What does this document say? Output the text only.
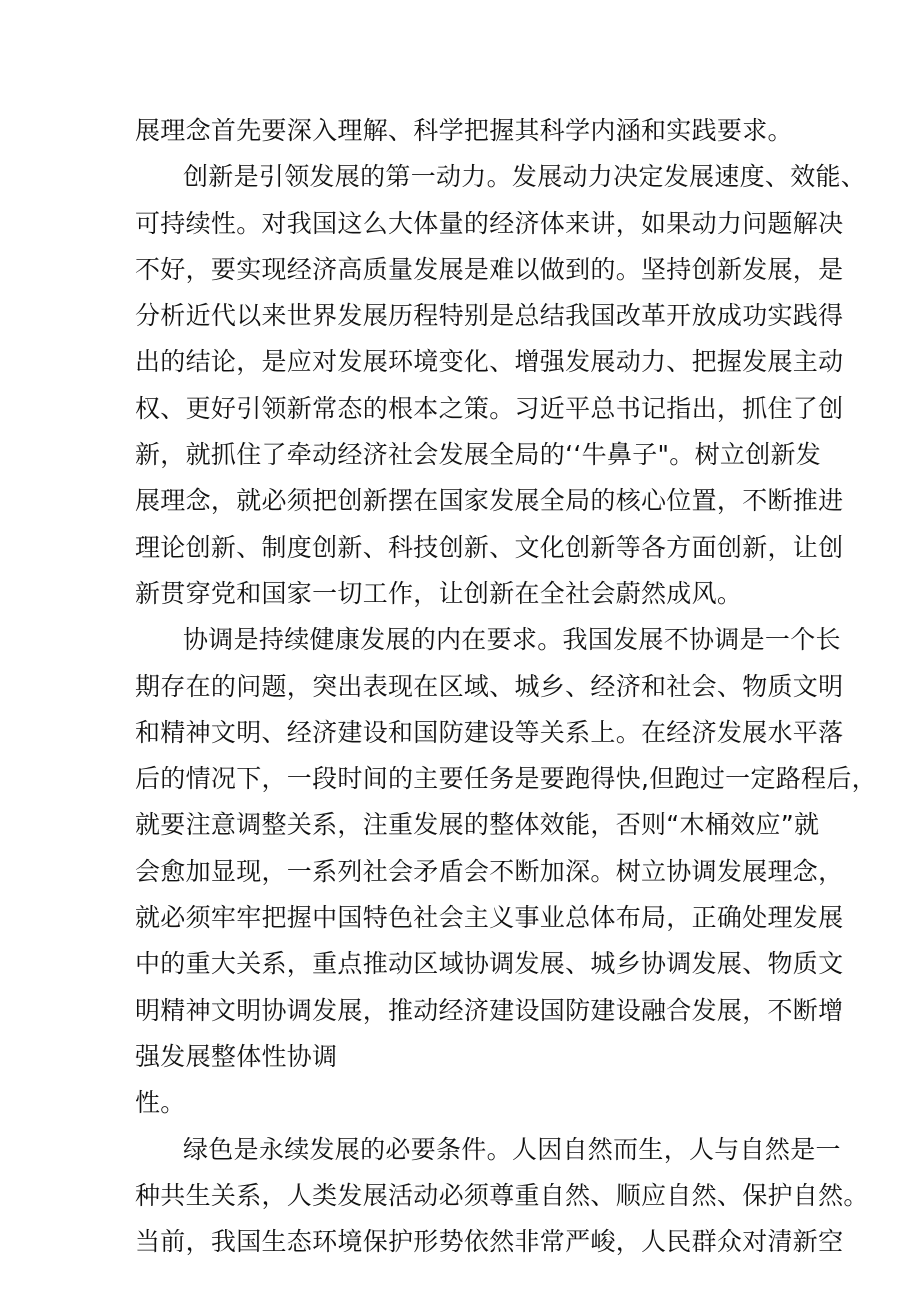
展理念首先要深入理解、科学把握其科学内涵和实践要求。
创新是引领发展的第一动力。发展动力决定发展速度、效能、
可持续性。对我国这么大体量的经济体来讲，如果动力问题解决
不好，要实现经济高质量发展是难以做到的。坚持创新发展，是
分析近代以来世界发展历程特别是总结我国改革开放成功实践得
出的结论，是应对发展环境变化、增强发展动力、把握发展主动
权、更好引领新常态的根本之策。习近平总书记指出，抓住了创
新，就抓住了牵动经济社会发展全局的‘‘牛鼻子"。树立创新发
展理念，就必须把创新摆在国家发展全局的核心位置，不断推进
理论创新、制度创新、科技创新、文化创新等各方面创新，让创
新贯穿党和国家一切工作，让创新在全社会蔚然成风。
协调是持续健康发展的内在要求。我国发展不协调是一个长
期存在的问题，突出表现在区域、城乡、经济和社会、物质文明
和精神文明、经济建设和国防建设等关系上。在经济发展水平落
后的情况下，一段时间的主要任务是要跑得快,但跑过一定路程后，
就要注意调整关系，注重发展的整体效能，否则“木桶效应”就
会愈加显现，一系列社会矛盾会不断加深。树立协调发展理念，
就必须牢牢把握中国特色社会主义事业总体布局，正确处理发展
中的重大关系，重点推动区域协调发展、城乡协调发展、物质文
明精神文明协调发展，推动经济建设国防建设融合发展，不断增
强发展整体性协调
性。
绿色是永续发展的必要条件。人因自然而生，人与自然是一
种共生关系，人类发展活动必须尊重自然、顺应自然、保护自然。
当前，我国生态环境保护形势依然非常严峻，人民群众对清新空
